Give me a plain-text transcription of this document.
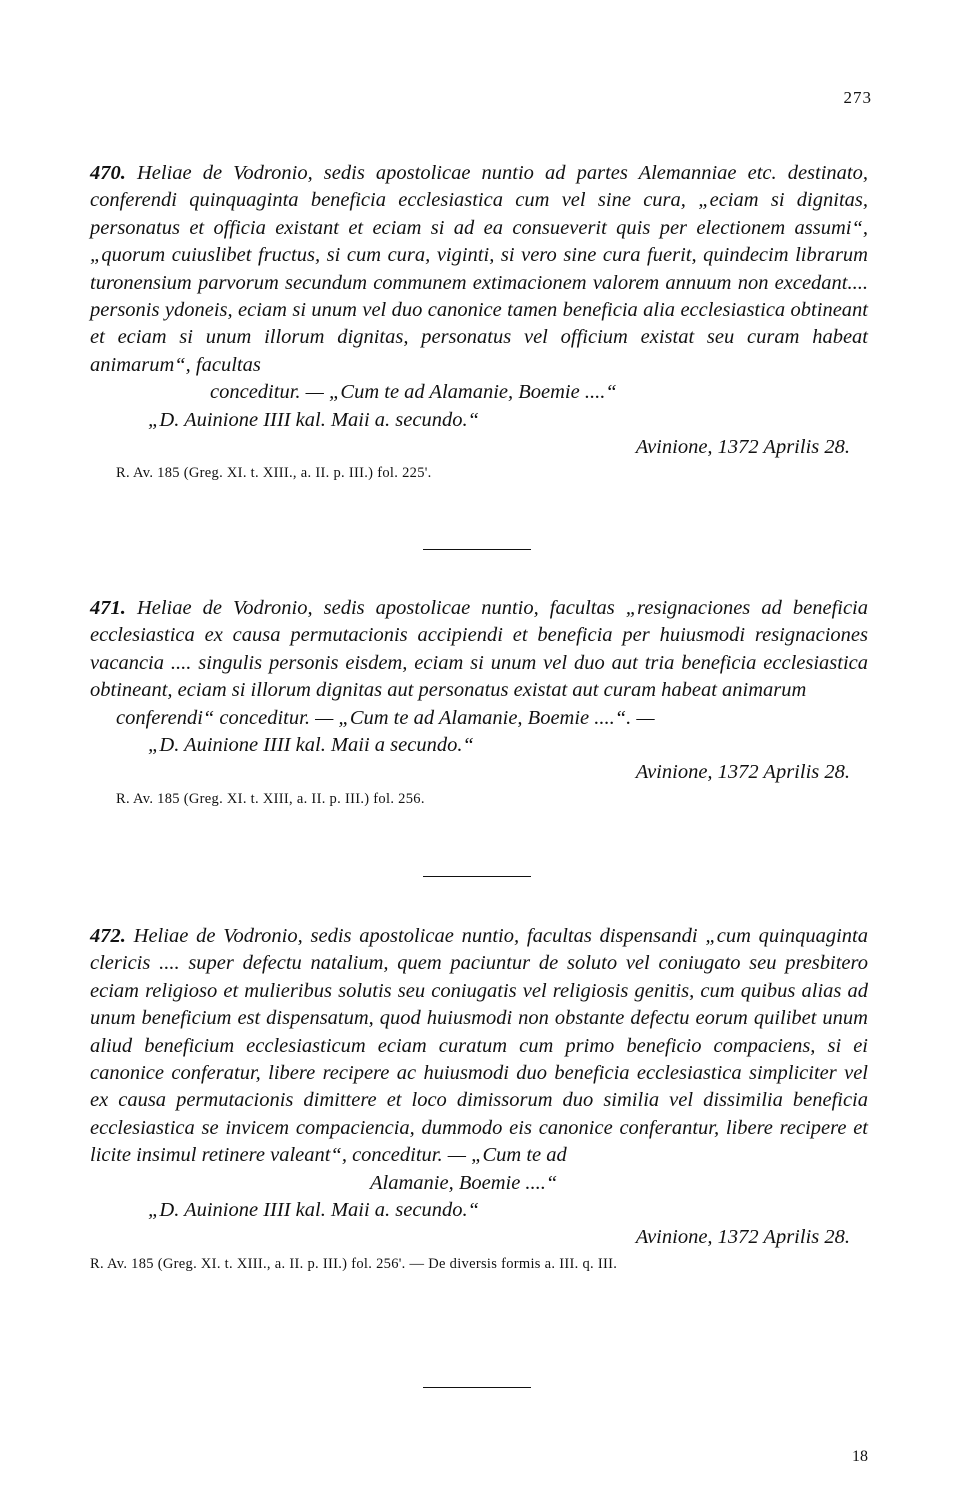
273

470. Heliae de Vodronio, sedis apostolicae nuntio ad partes Alemanniae etc. destinato, conferendi quinquaginta beneficia ecclesiastica cum vel sine cura, „eciam si dignitas, personatus et officia existant et eciam si ad ea consueverit quis per electionem assumi“, „quorum cuiuslibet fructus, si cum cura, viginti, si vero sine cura fuerit, quindecim librarum turonensium parvorum secundum communem extimacionem valorem annuum non excedant.... personis ydoneis, eciam si unum vel duo canonice tamen beneficia alia ecclesiastica obtineant et eciam si unum illorum dignitas, personatus vel officium existat seu curam habeat animarum“, facultas

conceditur. — „Cum te ad Alamanie, Boemie ....“

„D. Auinione IIII kal. Maii a. secundo.“

Avinione, 1372 Aprilis 28.

R. Av. 185 (Greg. XI. t. XIII., a. II. p. III.) fol. 225'.

471. Heliae de Vodronio, sedis apostolicae nuntio, facultas „resignaciones ad beneficia ecclesiastica ex causa permutacionis accipiendi et beneficia per huiusmodi resignaciones vacancia .... singulis personis eisdem, eciam si unum vel duo aut tria beneficia ecclesiastica obtineant, eciam si illorum dignitas aut personatus existat aut curam habeat animarum

conferendi“ conceditur. — „Cum te ad Alamanie, Boemie ....“. —

„D. Auinione IIII kal. Maii a secundo.“

Avinione, 1372 Aprilis 28.

R. Av. 185 (Greg. XI. t. XIII, a. II. p. III.) fol. 256.

472. Heliae de Vodronio, sedis apostolicae nuntio, facultas dispensandi „cum quinquaginta clericis .... super defectu natalium, quem paciuntur de soluto vel coniugato seu presbitero eciam religioso et mulieribus solutis seu coniugatis vel religiosis genitis, cum quibus alias ad unum beneficium est dispensatum, quod huiusmodi non obstante defectu eorum quilibet unum aliud beneficium ecclesiasticum eciam curatum cum primo beneficio compaciens, si ei canonice conferatur, libere recipere ac huiusmodi duo beneficia ecclesiastica simpliciter vel ex causa permutacionis dimittere et loco dimissorum duo similia vel dissimilia beneficia ecclesiastica se invicem compaciencia, dummodo eis canonice conferantur, libere recipere et licite insimul retinere valeant“, conceditur. — „Cum te ad

Alamanie, Boemie ....“

„D. Auinione IIII kal. Maii a. secundo.“

Avinione, 1372 Aprilis 28.

R. Av. 185 (Greg. XI. t. XIII., a. II. p. III.) fol. 256'. — De diversis formis a. III. q. III.

18
